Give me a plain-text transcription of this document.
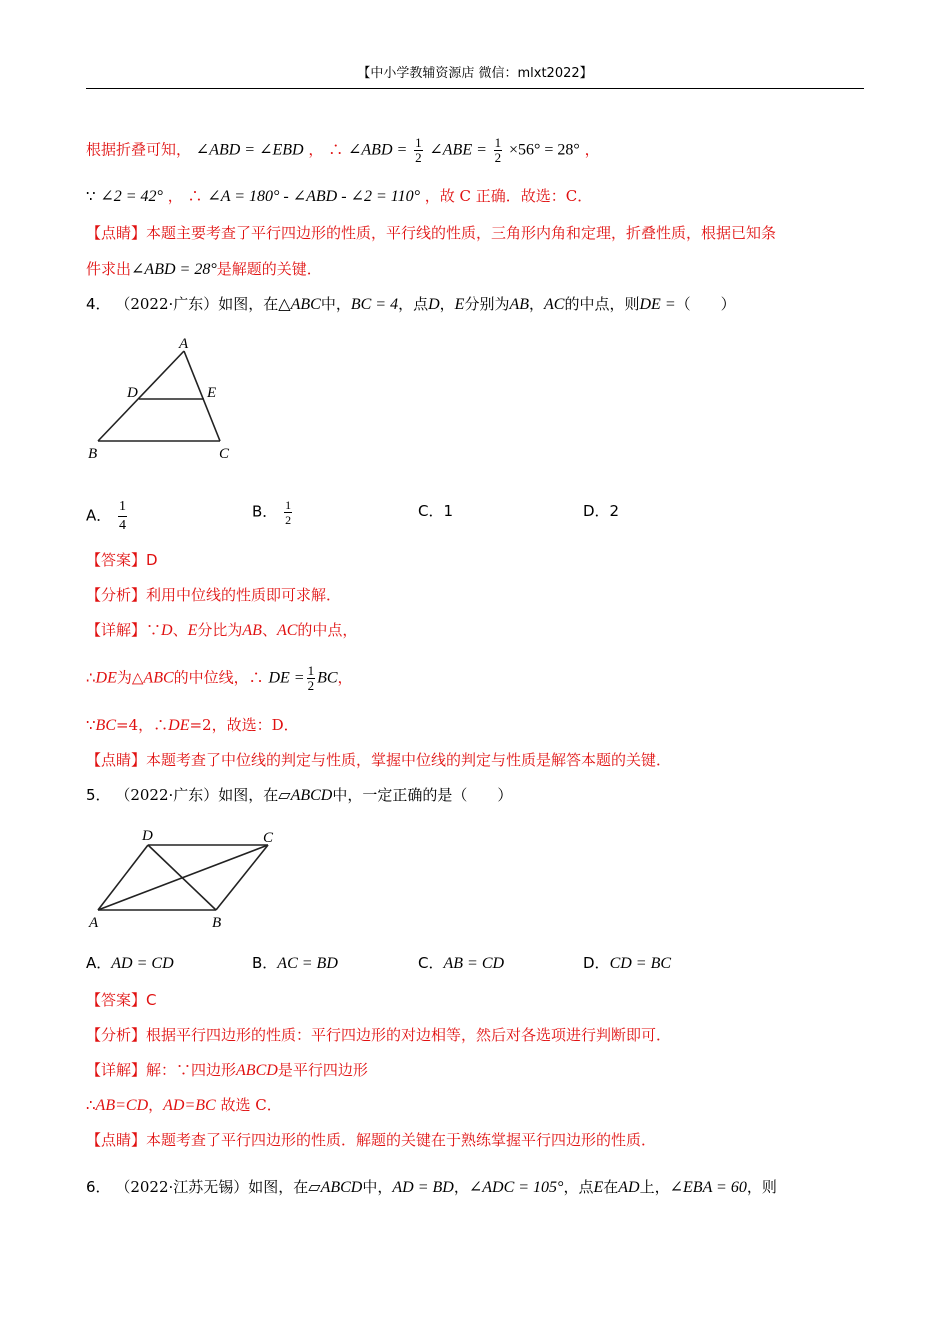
【中小学教辅资源店 微信：mlxt2022】
根据折叠可知， ∠ABD = ∠EBD ， ∴ ∠ABD = $\frac{1}{2}$ ∠ABE = $\frac{1}{2} \times 56^\circ = 28^\circ$ ，
∵ ∠2 = 42° ， ∴ ∠A = 180° - ∠ABD - ∠2 = 110° ，故 C 正确．故选：C．
【点睛】本题主要考查了平行四边形的性质，平行线的性质，三角形内角和定理，折叠性质，根据已知条
件求出∠ABD = 28°是解题的关键．
4． （2022·广东）如图，在△ABC中，BC = 4，点D，E分别为AB，AC的中点，则DE =（　　）
A
D	E
B	C
A． $\frac{1}{4}$	B． $\frac{1}{2}$	C．1	D．2
【答案】D
【分析】利用中位线的性质即可求解．
【详解】∵D、E分比为AB、AC的中点，
∴DE为△ABC的中位线，∴ DE = $\frac{1}{2}$ BC，
∵BC=4，∴DE=2，故选：D．
【点睛】本题考查了中位线的判定与性质，掌握中位线的判定与性质是解答本题的关键．
5． （2022·广东）如图，在▱ABCD中，一定正确的是（　　）
D	C
A	B
A．AD = CD	B．AC = BD	C．AB = CD	D．CD = BC
【答案】C
【分析】根据平行四边形的性质：平行四边形的对边相等，然后对各选项进行判断即可．
【详解】解：∵四边形ABCD是平行四边形
∴AB=CD，AD=BC 故选 C．
【点睛】本题考查了平行四边形的性质．解题的关键在于熟练掌握平行四边形的性质．
6． （2022·江苏无锡）如图，在▱ABCD中，AD = BD，∠ADC = 105°，点E在AD上，∠EBA = 60，则
